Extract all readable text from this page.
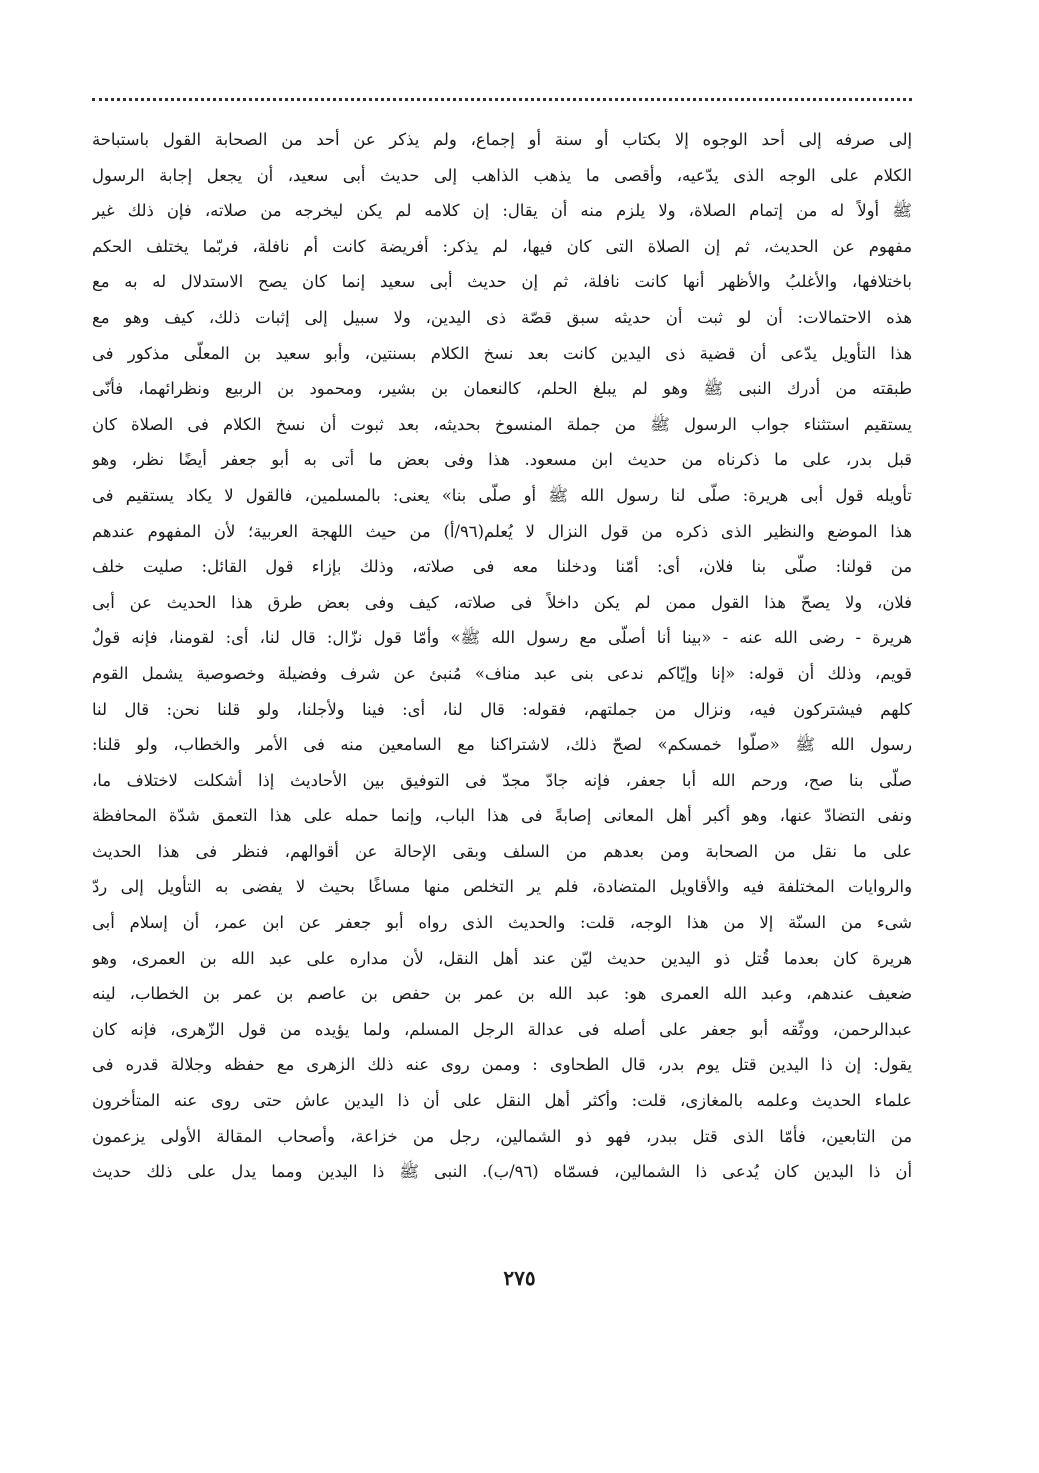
إلى صرفه إلى أحد الوجوه إلا بكتاب أو سنة أو إجماع، ولم يذكر عن أحد من الصحابة القول باستباحة
الكلام على الوجه الذى يدّعيه، وأقصى ما يذهب الذاهب إلى حديث أبى سعيد، أن يجعل إجابة الرسول
ﷺ أولاً له من إتمام الصلاة، ولا يلزم منه أن يقال: إن كلامه لم يكن ليخرجه من صلاته، فإن ذلك غير
مفهوم عن الحديث، ثم إن الصلاة التى كان فيها، لم يذكر: أفريضة كانت أم نافلة، فربّما يختلف الحكم
باختلافها، والأغلبُ والأظهر أنها كانت نافلة، ثم إن حديث أبى سعيد إنما كان يصح الاستدلال له به مع
هذه الاحتمالات: أن لو ثبت أن حديثه سبق قصّة ذى اليدين، ولا سبيل إلى إثبات ذلك، كيف وهو مع
هذا التأويل يدّعى أن قضية ذى اليدين كانت بعد نسخ الكلام بسنتين، وأبو سعيد بن المعلّى مذكور فى
طبقته من أدرك النبى ﷺ وهو لم يبلغ الحلم، كالنعمان بن بشير، ومحمود بن الربيع ونظرائهما، فأنّى
يستقيم استثناء جواب الرسول ﷺ من جملة المنسوخ بحديثه، بعد ثبوت أن نسخ الكلام فى الصلاة كان
قبل بدر، على ما ذكرناه من حديث ابن مسعود. هذا وفى بعض ما أتى به أبو جعفر أيضًا نظر، وهو
تأويله قول أبى هريرة: صلّى لنا رسول الله ﷺ أو صلّى بنا» يعنى: بالمسلمين، فالقول لا يكاد يستقيم فى
هذا الموضع والنظير الذى ذكره من قول النزال لا يُعلم(٩٦/أ) من حيث اللهجة العربية؛ لأن المفهوم عندهم
من قولنا: صلّى بنا فلان، أى: أمّنا ودخلنا معه فى صلاته، وذلك بإزاء قول القائل: صليت خلف
فلان، ولا يصحّ هذا القول ممن لم يكن داخلاً فى صلاته، كيف وفى بعض طرق هذا الحديث عن أبى
هريرة - رضى الله عنه - «بينا أنا أصلّى مع رسول الله ﷺ» وأمّا قول نزّال: قال لنا، أى: لقومنا، فإنه قولٌ
قويم، وذلك أن قوله: «إنا وإيّاكم ندعى بنى عبد مناف» مُنبئ عن شرف وفضيلة وخصوصية يشمل القوم
كلهم فيشتركون فيه، ونزال من جملتهم، فقوله: قال لنا، أى: فينا ولأجلنا، ولو قلنا نحن: قال لنا
رسول الله ﷺ «صلّوا خمسكم» لصحّ ذلك، لاشتراكنا مع السامعين منه فى الأمر والخطاب، ولو قلنا:
صلّى بنا صح، ورحم الله أبا جعفر، فإنه جادّ مجدّ فى التوفيق بين الأحاديث إذا أشكلت لاختلاف ما،
ونفى التضادّ عنها، وهو أكبر أهل المعانى إصابةً فى هذا الباب، وإنما حمله على هذا التعمق شدّة المحافظة
على ما نقل من الصحابة ومن بعدهم من السلف وبقى الإحالة عن أقوالهم، فنظر فى هذا الحديث
والروايات المختلفة فيه والأقاويل المتضادة، فلم ير التخلص منها مساغًا بحيث لا يفضى به التأويل إلى ردّ
شىء من السنّة إلا من هذا الوجه، قلت: والحديث الذى رواه أبو جعفر عن ابن عمر، أن إسلام أبى
هريرة كان بعدما قُتل ذو اليدين حديث ليّن عند أهل النقل، لأن مداره على عبد الله بن العمرى، وهو
ضعيف عندهم، وعبد الله العمرى هو: عبد الله بن عمر بن حفص بن عاصم بن عمر بن الخطاب، لينه
عبدالرحمن، ووثّقه أبو جعفر على أصله فى عدالة الرجل المسلم، ولما يؤيده من قول الزّهرى، فإنه كان
يقول: إن ذا اليدين قتل يوم بدر، قال الطحاوى : وممن روى عنه ذلك الزهرى مع حفظه وجلالة قدره فى
علماء الحديث وعلمه بالمغازى، قلت: وأكثر أهل النقل على أن ذا اليدين عاش حتى روى عنه المتأخرون
من التابعين، فأمّا الذى قتل ببدر، فهو ذو الشمالين، رجل من خزاعة، وأصحاب المقالة الأولى يزعمون
أن ذا اليدين كان يُدعى ذا الشمالين، فسمّاه (٩٦/ب). النبى ﷺ ذا اليدين ومما يدل على ذلك حديث
٢٧٥
